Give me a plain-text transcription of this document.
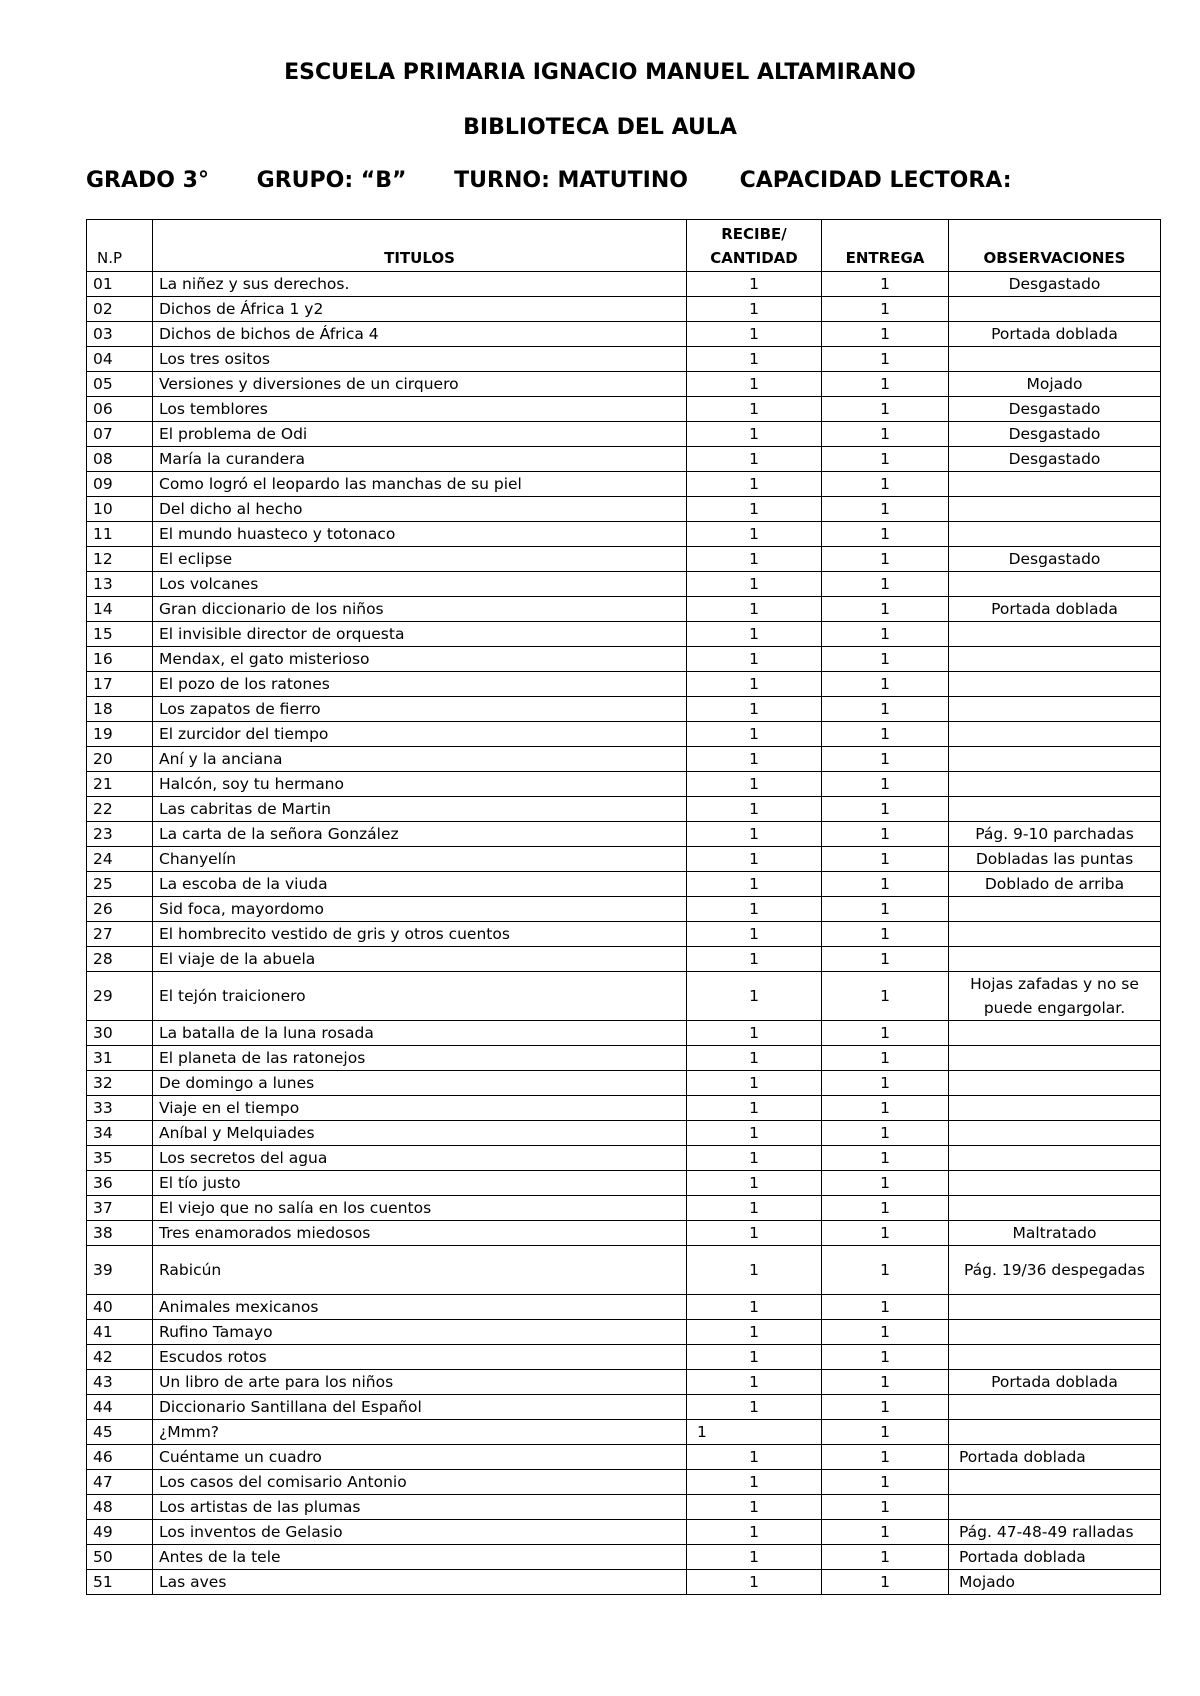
ESCUELA PRIMARIA IGNACIO MANUEL ALTAMIRANO
BIBLIOTECA DEL AULA
GRADO 3° GRUPO: “B” TURNO: MATUTINO CAPACIDAD LECTORA:
N.P	TITULOS	RECIBE/ CANTIDAD	ENTREGA	OBSERVACIONES
01	La niñez y sus derechos.	1	1	Desgastado
02	Dichos de África 1 y2	1	1	
03	Dichos de bichos de África 4	1	1	Portada doblada
04	Los tres ositos	1	1	
05	Versiones y diversiones de un cirquero	1	1	Mojado
06	Los temblores	1	1	Desgastado
07	El problema de Odi	1	1	Desgastado
08	María la curandera	1	1	Desgastado
09	Como logró el leopardo las manchas de su piel	1	1	
10	Del dicho al hecho	1	1	
11	El mundo huasteco y totonaco	1	1	
12	El eclipse	1	1	Desgastado
13	Los volcanes	1	1	
14	Gran diccionario de los niños	1	1	Portada doblada
15	El invisible director de orquesta	1	1	
16	Mendax, el gato misterioso	1	1	
17	El pozo de los ratones	1	1	
18	Los zapatos de fierro	1	1	
19	El zurcidor del tiempo	1	1	
20	Aní y la anciana	1	1	
21	Halcón, soy tu hermano	1	1	
22	Las cabritas de Martin	1	1	
23	La carta de la señora González	1	1	Pág. 9-10 parchadas
24	Chanyelín	1	1	Dobladas las puntas
25	La escoba de la viuda	1	1	Doblado de arriba
26	Sid foca, mayordomo	1	1	
27	El hombrecito vestido de gris y otros cuentos	1	1	
28	El viaje de la abuela	1	1	
29	El tejón traicionero	1	1	Hojas zafadas y no se puede engargolar.
30	La batalla de la luna rosada	1	1	
31	El planeta de las ratonejos	1	1	
32	De domingo a lunes	1	1	
33	Viaje en el tiempo	1	1	
34	Aníbal y Melquiades	1	1	
35	Los secretos del agua	1	1	
36	El tío justo	1	1	
37	El viejo que no salía en los cuentos	1	1	
38	Tres enamorados miedosos	1	1	Maltratado
39	Rabicún	1	1	Pág. 19/36 despegadas
40	Animales mexicanos	1	1	
41	Rufino Tamayo	1	1	
42	Escudos rotos	1	1	
43	Un libro de arte para los niños	1	1	Portada doblada
44	Diccionario Santillana del Español	1	1	
45	¿Mmm?	1	1	
46	Cuéntame un cuadro	1	1	Portada doblada
47	Los casos del comisario Antonio	1	1	
48	Los artistas de las plumas	1	1	
49	Los inventos de Gelasio	1	1	Pág. 47-48-49 ralladas
50	Antes de la tele	1	1	Portada doblada
51	Las aves	1	1	Mojado
